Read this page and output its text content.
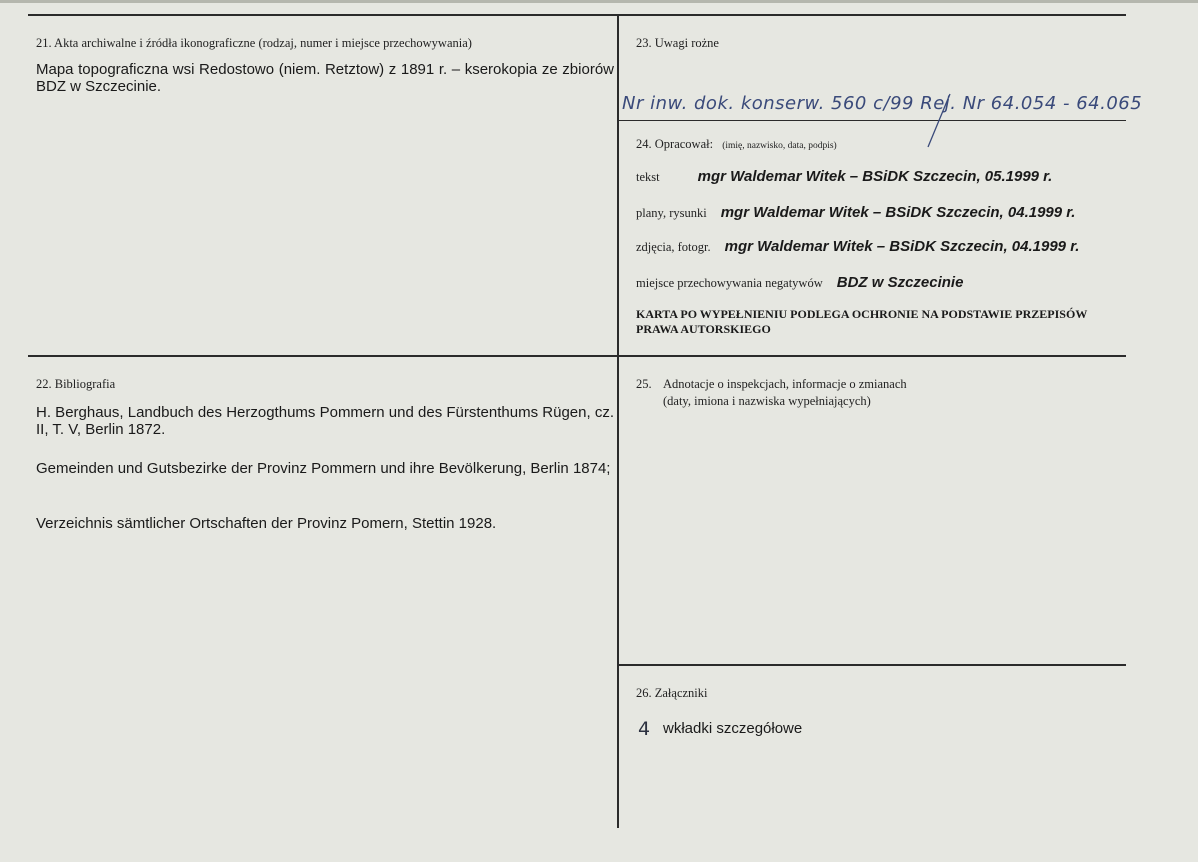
21. Akta archiwalne i źródła ikonograficzne (rodzaj, numer i miejsce przechowywania)
Mapa topograficzna wsi Redostowo (niem. Retztow) z 1891 r. – kserokopia ze zbiorów BDZ w Szczecinie.
23. Uwagi rożne
Nr inw. dok. konserw. 560 c/99 Rej. Nr 64.054 - 64.065
24. Opracował: (imię, nazwisko, data, podpis)
tekst	mgr Waldemar Witek – BSiDK Szczecin, 05.1999 r.
plany, rysunki mgr Waldemar Witek – BSiDK Szczecin, 04.1999 r.
zdjęcia, fotogr. mgr Waldemar Witek – BSiDK Szczecin, 04.1999 r.
miejsce przechowywania negatywów BDZ w Szczecinie
KARTA PO WYPEŁNIENIU PODLEGA OCHRONIE NA PODSTAWIE PRZEPISÓW PRAWA AUTORSKIEGO
22. Bibliografia
H. Berghaus, Landbuch des Herzogthums Pommern und des Fürstenthums Rügen, cz. II, T. V, Berlin 1872.
Gemeinden und Gutsbezirke der Provinz Pommern und ihre Bevölkerung, Berlin 1874;
Verzeichnis sämtlicher Ortschaften der Provinz Pomern, Stettin 1928.
25. Adnotacje o inspekcjach, informacje o zmianach
(daty, imiona i nazwiska wypełniających)
26. Załączniki
4 wkładki szczegółowe
